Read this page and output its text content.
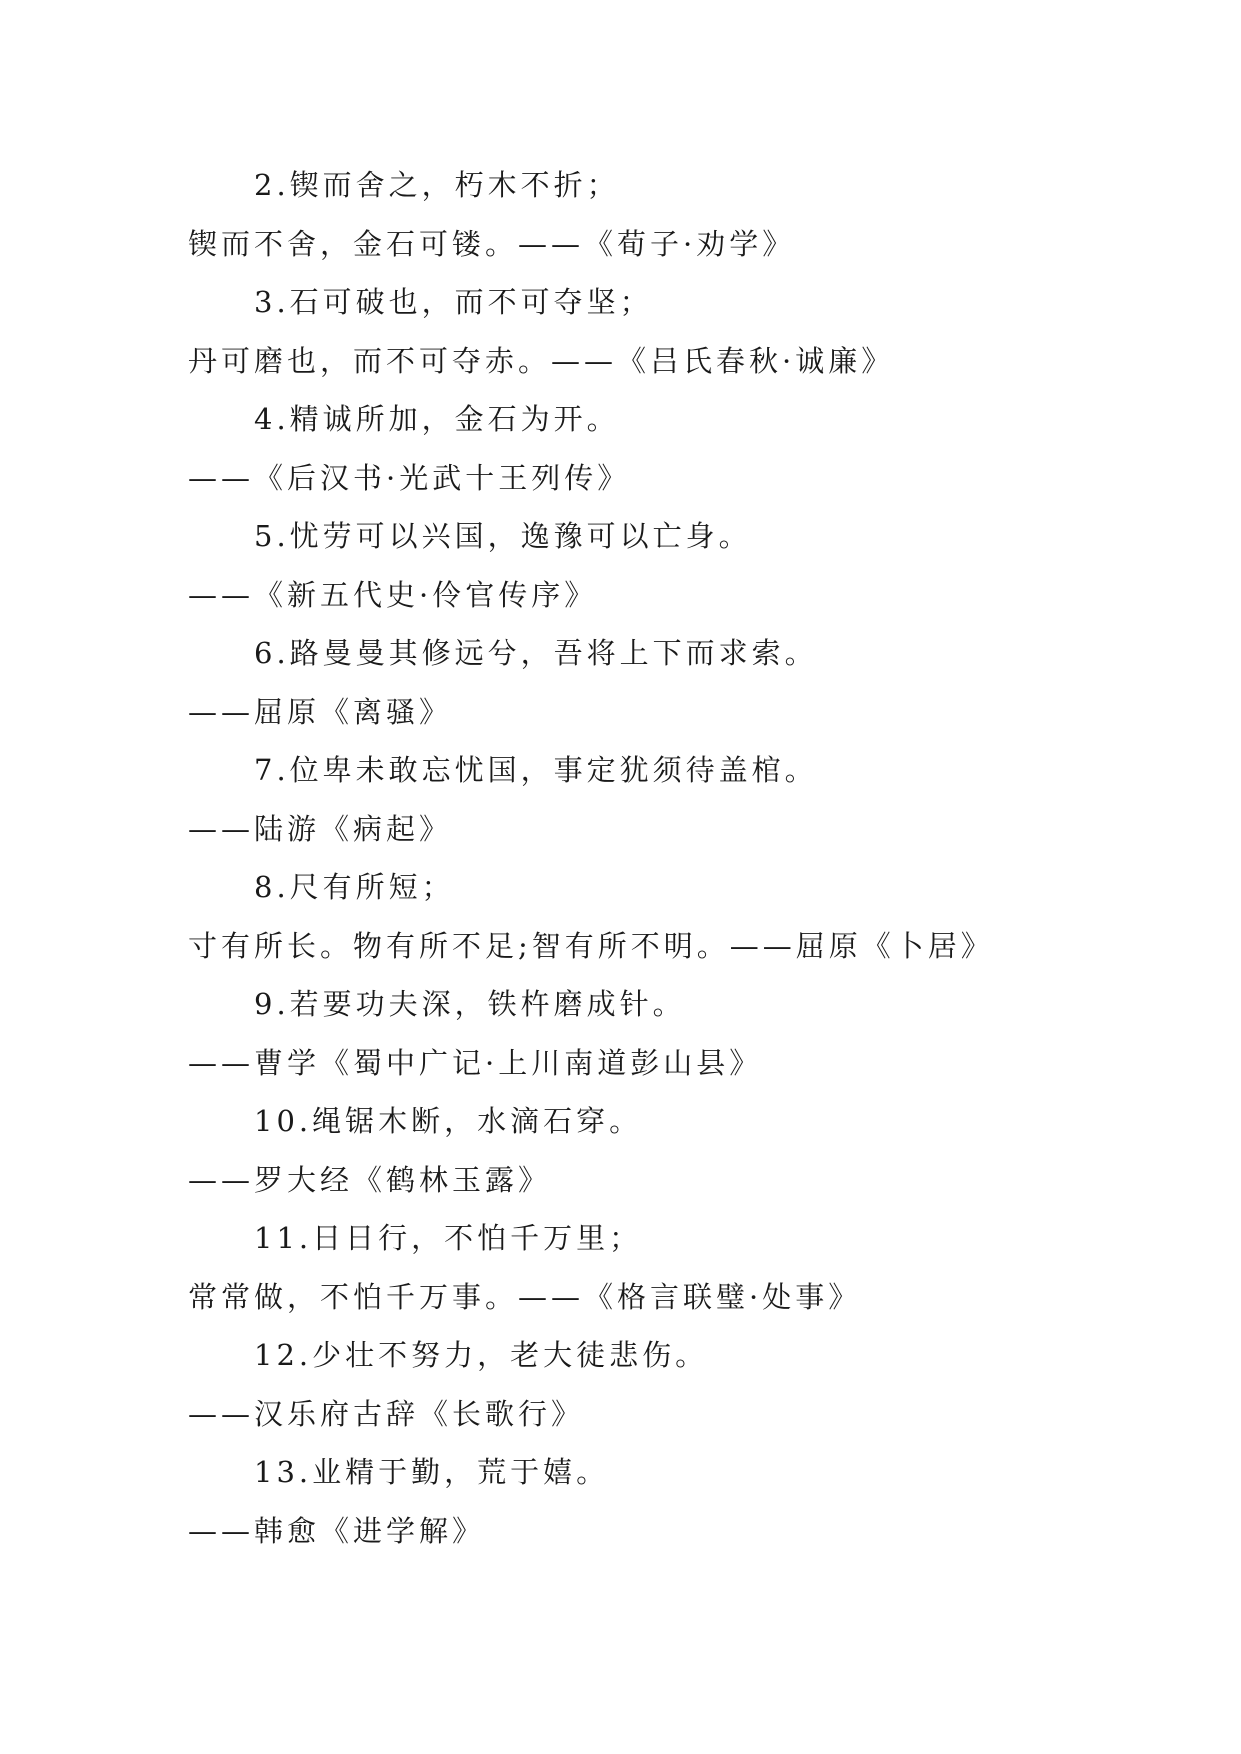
2.锲而舍之，朽木不折；
锲而不舍，金石可镂。——《荀子·劝学》
3.石可破也，而不可夺坚；
丹可磨也，而不可夺赤。——《吕氏春秋·诚廉》
4.精诚所加，金石为开。
——《后汉书·光武十王列传》
5.忧劳可以兴国，逸豫可以亡身。
——《新五代史·伶官传序》
6.路曼曼其修远兮，吾将上下而求索。
——屈原《离骚》
7.位卑未敢忘忧国，事定犹须待盖棺。
——陆游《病起》
8.尺有所短；
寸有所长。物有所不足;智有所不明。——屈原《卜居》
9.若要功夫深，铁杵磨成针。
——曹学《蜀中广记·上川南道彭山县》
10.绳锯木断，水滴石穿。
——罗大经《鹤林玉露》
11.日日行，不怕千万里；
常常做，不怕千万事。——《格言联璧·处事》
12.少壮不努力，老大徒悲伤。
——汉乐府古辞《长歌行》
13.业精于勤，荒于嬉。
——韩愈《进学解》
